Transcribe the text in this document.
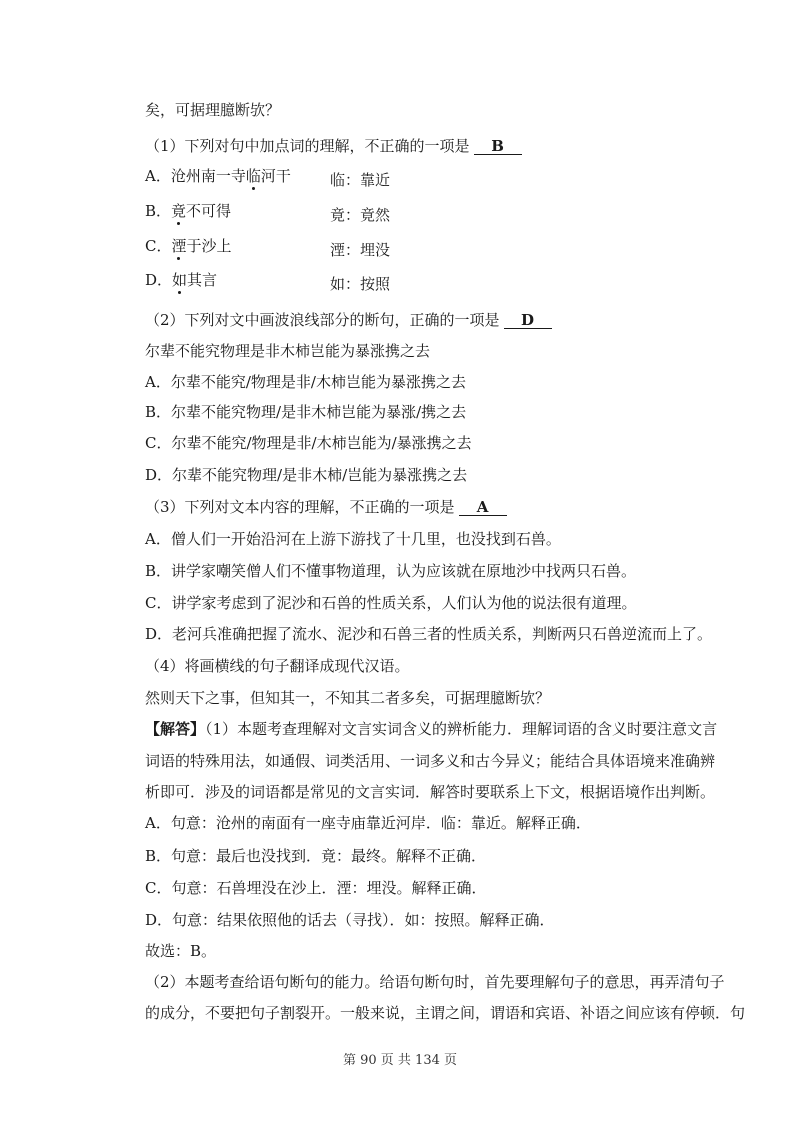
矣，可据理臆断欤？
（1）下列对句中加点词的理解，不正确的一项是 B
A．沧州南一寺临河干	临：靠近
B．竟不可得	竟：竟然
C．湮于沙上	湮：埋没
D．如其言	如：按照
（2）下列对文中画波浪线部分的断句，正确的一项是 D
尔辈不能究物理是非木柿岂能为暴涨携之去
A．尔辈不能究/物理是非/木柿岂能为暴涨携之去
B．尔辈不能究物理/是非木柿岂能为暴涨/携之去
C．尔辈不能究/物理是非/木柿岂能为/暴涨携之去
D．尔辈不能究物理/是非木柿/岂能为暴涨携之去
（3）下列对文本内容的理解，不正确的一项是 A
A．僧人们一开始沿河在上游下游找了十几里，也没找到石兽。
B．讲学家嘲笑僧人们不懂事物道理，认为应该就在原地沙中找两只石兽。
C．讲学家考虑到了泥沙和石兽的性质关系，人们认为他的说法很有道理。
D．老河兵准确把握了流水、泥沙和石兽三者的性质关系，判断两只石兽逆流而上了。
（4）将画横线的句子翻译成现代汉语。
然则天下之事，但知其一，不知其二者多矣，可据理臆断欤？
【解答】（1）本题考查理解对文言实词含义的辨析能力．理解词语的含义时要注意文言
词语的特殊用法，如通假、词类活用、一词多义和古今异义；能结合具体语境来准确辨
析即可．涉及的词语都是常见的文言实词．解答时要联系上下文，根据语境作出判断。
A．句意：沧州的南面有一座寺庙靠近河岸．临：靠近。解释正确．
B．句意：最后也没找到．竟：最终。解释不正确．
C．句意：石兽埋没在沙上．湮：埋没。解释正确．
D．句意：结果依照他的话去（寻找）．如：按照。解释正确．
故选：B。
（2）本题考查给语句断句的能力。给语句断句时，首先要理解句子的意思，再弄清句子
的成分，不要把句子割裂开。一般来说，主谓之间，谓语和宾语、补语之间应该有停顿．句
第 90 页 共 134 页
